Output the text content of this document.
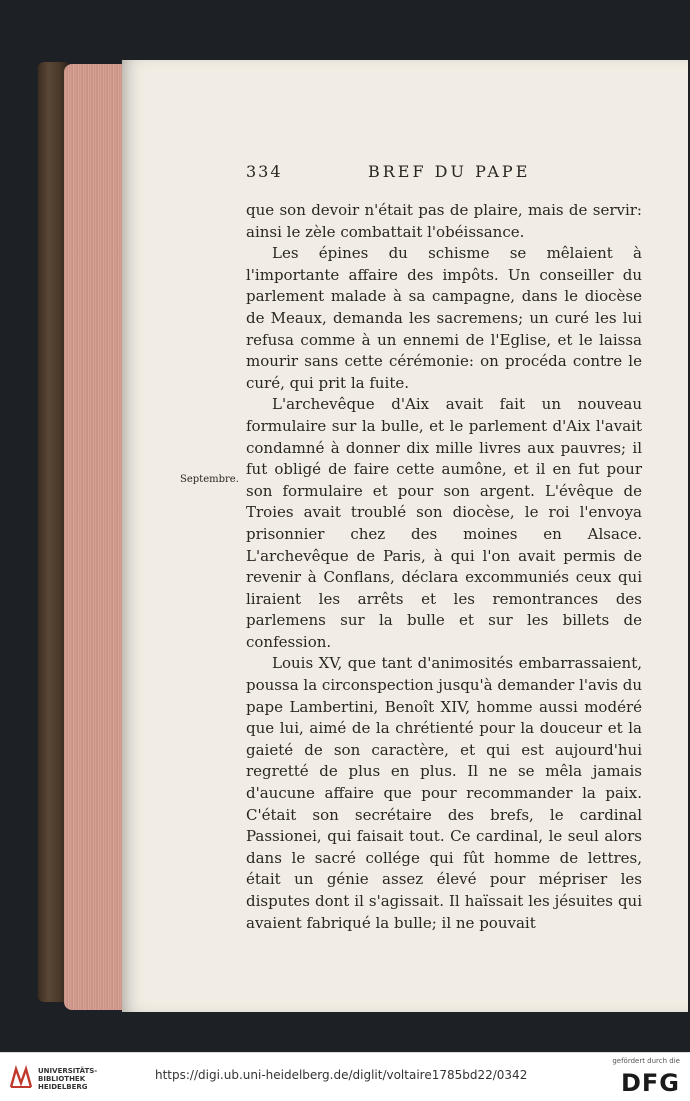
334	BREF DU PAPE
Septembre.

que son devoir n'était pas de plaire, mais de servir: ainsi le zèle combattait l'obéissance.

Les épines du schisme se mêlaient à l'importante affaire des impôts. Un conseiller du parlement malade à sa campagne, dans le diocèse de Meaux, demanda les sacremens; un curé les lui refusa comme à un ennemi de l'Eglise, et le laissa mourir sans cette cérémonie: on procéda contre le curé, qui prit la fuite.

L'archevêque d'Aix avait fait un nouveau formulaire sur la bulle, et le parlement d'Aix l'avait condamné à donner dix mille livres aux pauvres; il fut obligé de faire cette aumône, et il en fut pour son formulaire et pour son argent. L'évêque de Troies avait troublé son diocèse, le roi l'envoya prisonnier chez des moines en Alsace. L'archevêque de Paris, à qui l'on avait permis de revenir à Conflans, déclara excommuniés ceux qui liraient les arrêts et les remontrances des parlemens sur la bulle et sur les billets de confession.

Louis XV, que tant d'animosités embarrassaient, poussa la circonspection jusqu'à demander l'avis du pape Lambertini, Benoît XIV, homme aussi modéré que lui, aimé de la chrétienté pour la douceur et la gaieté de son caractère, et qui est aujourd'hui regretté de plus en plus. Il ne se mêla jamais d'aucune affaire que pour recommander la paix. C'était son secrétaire des brefs, le cardinal Passionei, qui faisait tout. Ce cardinal, le seul alors dans le sacré collége qui fût homme de lettres, était un génie assez élevé pour mépriser les disputes dont il s'agissait. Il haïssait les jésuites qui avaient fabriqué la bulle; il ne pouvait

UNIVERSITÄTS-
BIBLIOTHEK
HEIDELBERG
https://digi.ub.uni-heidelberg.de/diglit/voltaire1785bd22/0342
gefördert durch die
DFG
